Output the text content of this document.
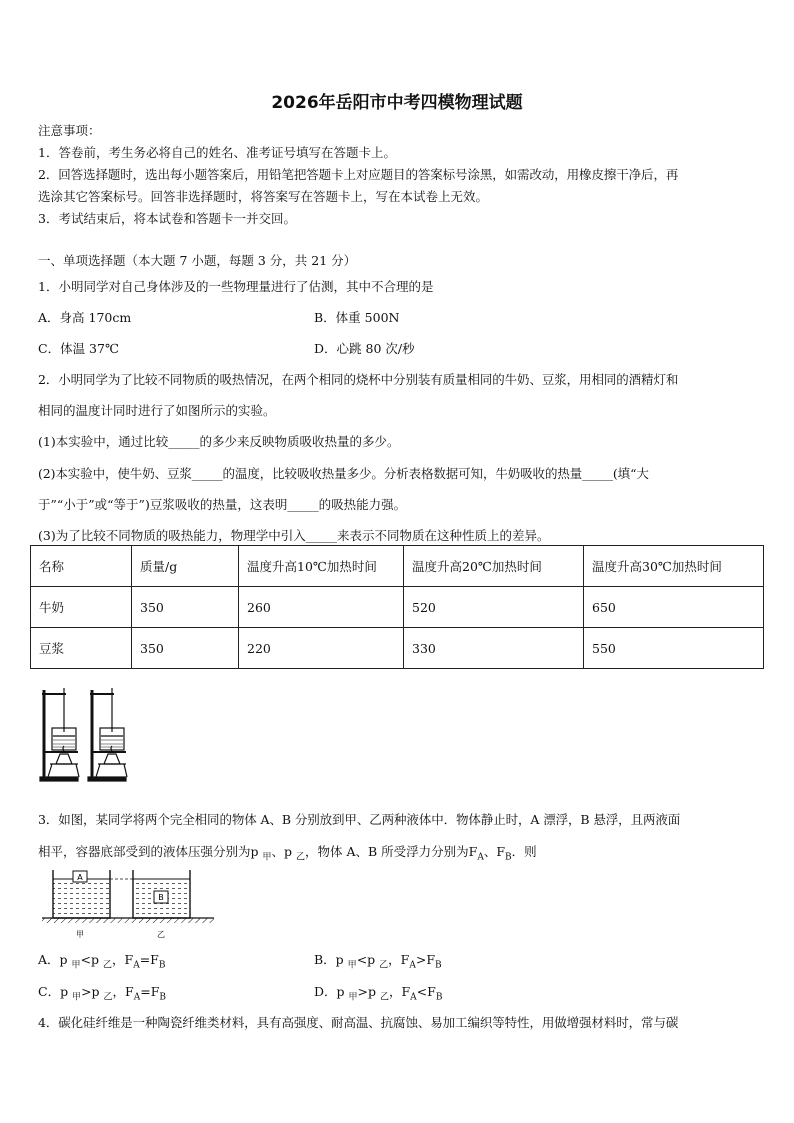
2026年岳阳市中考四模物理试题
注意事项：
1．答卷前，考生务必将自己的姓名、准考证号填写在答题卡上。
2．回答选择题时，选出每小题答案后，用铅笔把答题卡上对应题目的答案标号涂黑，如需改动，用橡皮擦干净后，再
选涂其它答案标号。回答非选择题时，将答案写在答题卡上，写在本试卷上无效。
3．考试结束后，将本试卷和答题卡一并交回。
一、单项选择题（本大题 7 小题，每题 3 分，共 21 分）
1．小明同学对自己身体涉及的一些物理量进行了估测，其中不合理的是
A．身高 170cm	B．体重 500N
C．体温 37℃	D．心跳 80 次/秒
2．小明同学为了比较不同物质的吸热情况，在两个相同的烧杯中分别装有质量相同的牛奶、豆浆，用相同的酒精灯和
相同的温度计同时进行了如图所示的实验。
(1)本实验中，通过比较_____的多少来反映物质吸收热量的多少。
(2)本实验中，使牛奶、豆浆_____的温度，比较吸收热量多少。分析表格数据可知，牛奶吸收的热量_____(填“大
于”“小于”或“等于”)豆浆吸收的热量，这表明_____的吸热能力强。
(3)为了比较不同物质的吸热能力，物理学中引入_____来表示不同物质在这种性质上的差异。
名称	质量/g	温度升高10℃加热时间	温度升高20℃加热时间	温度升高30℃加热时间
牛奶	350	260	520	650
豆浆	350	220	330	550
3．如图，某同学将两个完全相同的物体 A、B 分别放到甲、乙两种液体中．物体静止时，A 漂浮，B 悬浮，且两液面
相平，容器底部受到的液体压强分别为p $_甲$、p $_乙$，物体 A、B 所受浮力分别为$F_A$、$F_B$．则
A
B
甲	乙
A．p $_甲$<p $_乙$，$F_A=F_B$	B．p $_甲$<p $_乙$，$F_A>F_B$
C．p $_甲$>p $_乙$，$F_A=F_B$	D．p $_甲$>p $_乙$，$F_A<F_B$
4．碳化硅纤维是一种陶瓷纤维类材料，具有高强度、耐高温、抗腐蚀、易加工编织等特性，用做增强材料时，常与碳
